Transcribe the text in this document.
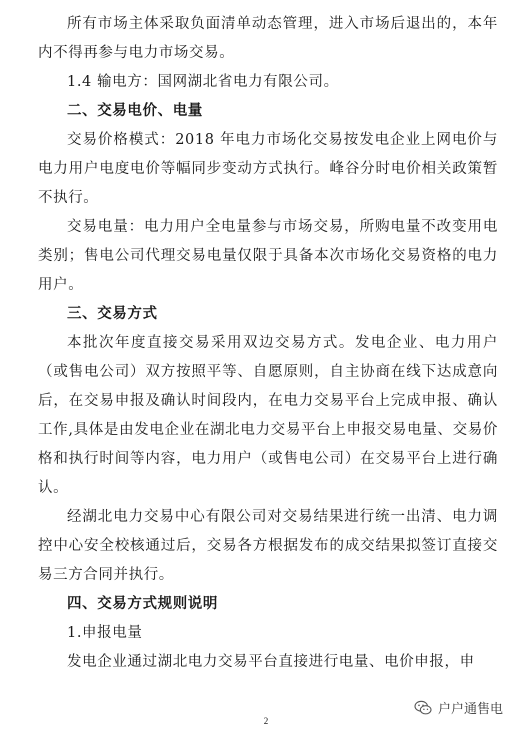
所有市场主体采取负面清单动态管理，进入市场后退出的，本年内不得再参与电力市场交易。
1.4 输电方：国网湖北省电力有限公司。
二、交易电价、电量
交易价格模式：2018 年电力市场化交易按发电企业上网电价与电力用户电度电价等幅同步变动方式执行。峰谷分时电价相关政策暂不执行。
交易电量：电力用户全电量参与市场交易，所购电量不改变用电类别；售电公司代理交易电量仅限于具备本次市场化交易资格的电力用户。
三、交易方式
本批次年度直接交易采用双边交易方式。发电企业、电力用户（或售电公司）双方按照平等、自愿原则，自主协商在线下达成意向后，在交易申报及确认时间段内，在电力交易平台上完成申报、确认工作,具体是由发电企业在湖北电力交易平台上申报交易电量、交易价格和执行时间等内容，电力用户（或售电公司）在交易平台上进行确认。
经湖北电力交易中心有限公司对交易结果进行统一出清、电力调控中心安全校核通过后，交易各方根据发布的成交结果拟签订直接交易三方合同并执行。
四、交易方式规则说明
1.申报电量
发电企业通过湖北电力交易平台直接进行电量、电价申报，申
2
户户通售电
